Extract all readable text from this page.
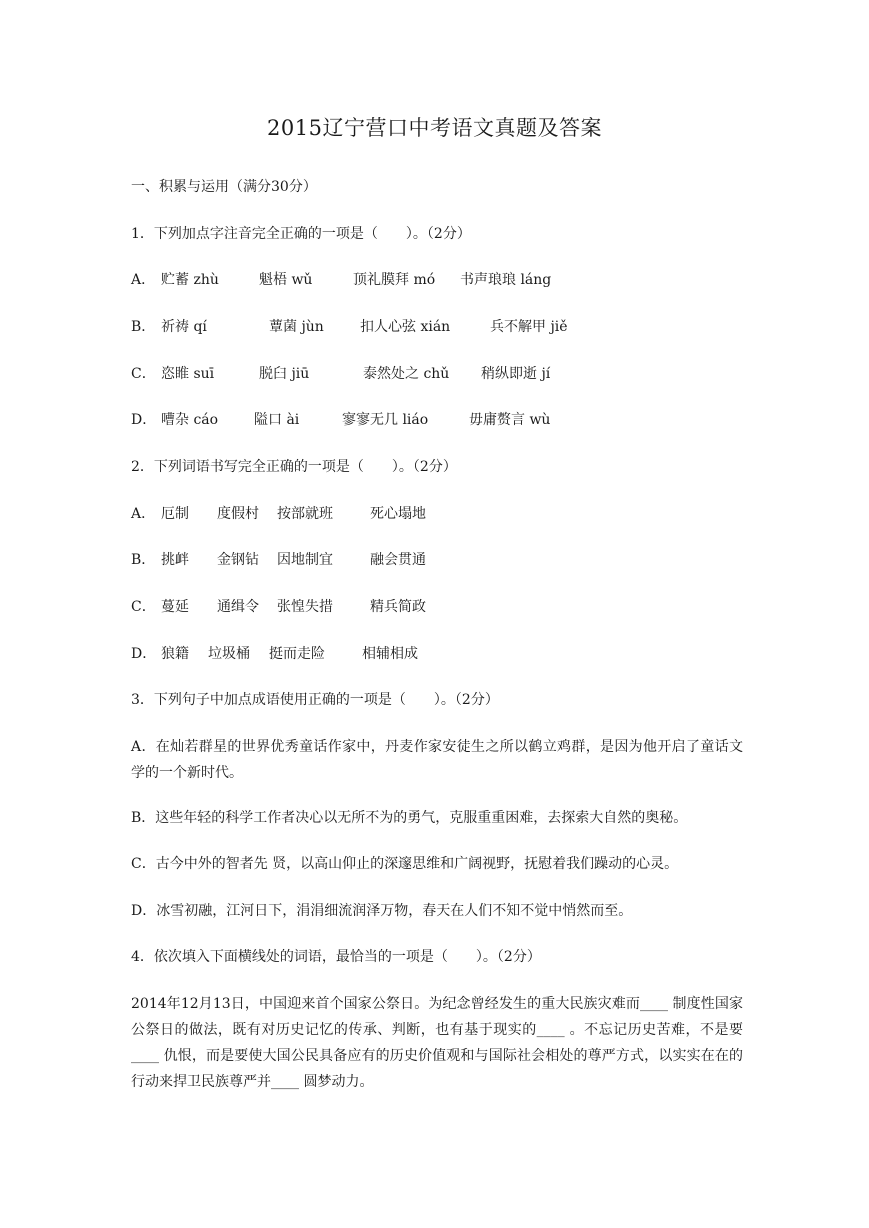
2015辽宁营口中考语文真题及答案

一、积累与运用（满分30分）

1．下列加点字注音完全正确的一项是（　　）。（2分）

A． 贮蓄 zhù	魁梧 wǔ	顶礼膜拜 mó 书声琅琅 láng

B． 祈祷 qí	蕈菌 jùn	扣人心弦 xián	兵不解甲 jiě

C． 恣睢 suī	脱臼 jiū	泰然处之 chǔ 稍纵即逝 jí

D． 嘈杂 cáo	隘口 ài	寥寥无几 liáo	毋庸赘言 wù

2．下列词语书写完全正确的一项是（　　）。（2分）

A． 厄制 度假村 按部就班	死心塌地

B． 挑衅 金钢钻 因地制宜	融会贯通

C． 蔓延 通缉令 张惶失措	精兵简政

D． 狼籍 垃圾桶 挺而走险	相辅相成

3．下列句子中加点成语使用正确的一项是（　　）。（2分）

A．在灿若群星的世界优秀童话作家中，丹麦作家安徒生之所以鹤立鸡群，是因为他开启了童话文学的一个新时代。

B．这些年轻的科学工作者决心以无所不为的勇气，克服重重困难，去探索大自然的奥秘。

C．古今中外的智者先 贤，以高山仰止的深邃思维和广阔视野，抚慰着我们躁动的心灵。

D．冰雪初融，江河日下，涓涓细流润泽万物，春天在人们不知不觉中悄然而至。

4．依次填入下面横线处的词语，最恰当的一项是（　　）。（2分）

2014年12月13日，中国迎来首个国家公祭日。为纪念曾经发生的重大民族灾难而____ 制度性国家公祭日的做法，既有对历史记忆的传承、判断，也有基于现实的____ 。不忘记历史苦难，不是要____ 仇恨，而是要使大国公民具备应有的历史价值观和与国际社会相处的尊严方式，以实实在在的行动来捍卫民族尊严并____ 圆梦动力。
